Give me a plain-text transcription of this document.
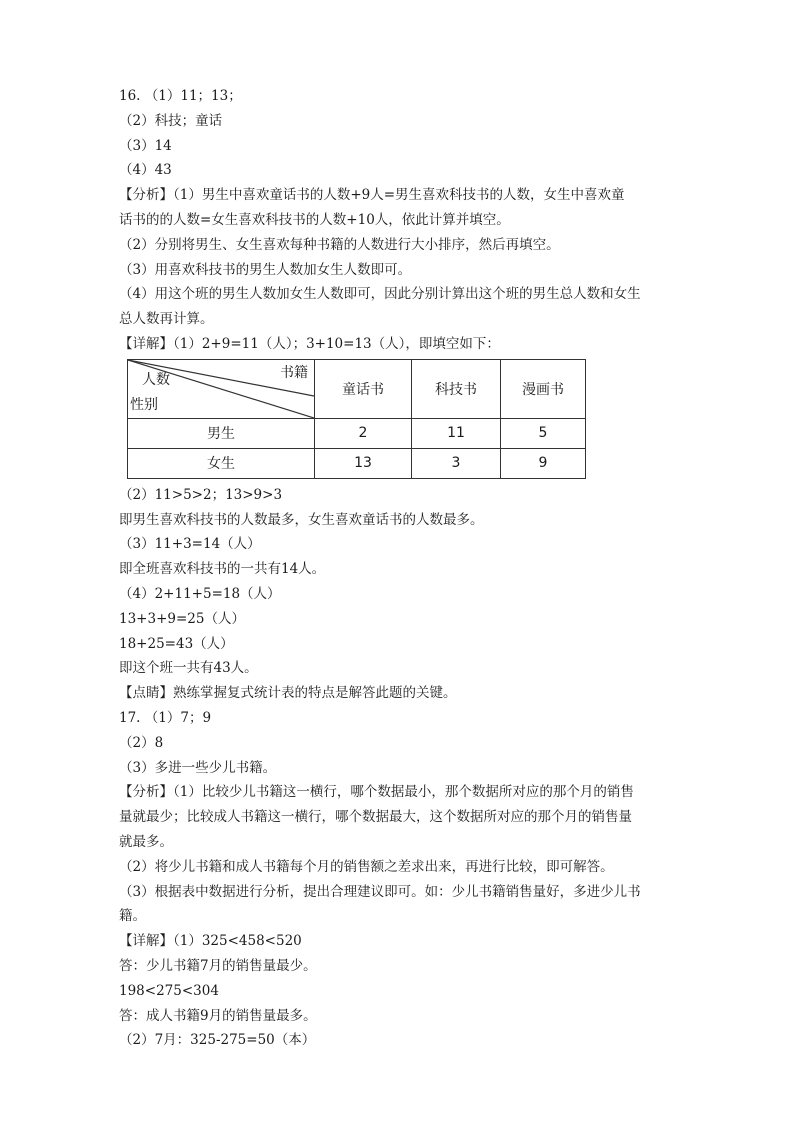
16. （1）11；13；
（2）科技；童话
（3）14
（4）43
【分析】（1）男生中喜欢童话书的人数+9人=男生喜欢科技书的人数，女生中喜欢童
话书的的人数=女生喜欢科技书的人数+10人，依此计算并填空。
（2）分别将男生、女生喜欢每种书籍的人数进行大小排序，然后再填空。
（3）用喜欢科技书的男生人数加女生人数即可。
（4）用这个班的男生人数加女生人数即可，因此分别计算出这个班的男生总人数和女生
总人数再计算。
【详解】（1）2+9=11（人）；3+10=13（人），即填空如下：
书籍
人数
性别	童话书	科技书	漫画书
男生	2	11	5
女生	13	3	9
（2）11>5>2；13>9>3
即男生喜欢科技书的人数最多，女生喜欢童话书的人数最多。
（3）11+3=14（人）
即全班喜欢科技书的一共有14人。
（4）2+11+5=18（人）
13+3+9=25（人）
18+25=43（人）
即这个班一共有43人。
【点睛】熟练掌握复式统计表的特点是解答此题的关键。
17. （1）7；9
（2）8
（3）多进一些少儿书籍。
【分析】（1）比较少儿书籍这一横行，哪个数据最小，那个数据所对应的那个月的销售
量就最少；比较成人书籍这一横行，哪个数据最大，这个数据所对应的那个月的销售量
就最多。
（2）将少儿书籍和成人书籍每个月的销售额之差求出来，再进行比较，即可解答。
（3）根据表中数据进行分析，提出合理建议即可。如：少儿书籍销售量好，多进少儿书
籍。
【详解】（1）325<458<520
答：少儿书籍7月的销售量最少。
198<275<304
答：成人书籍9月的销售量最多。
（2）7月：325-275=50（本）
